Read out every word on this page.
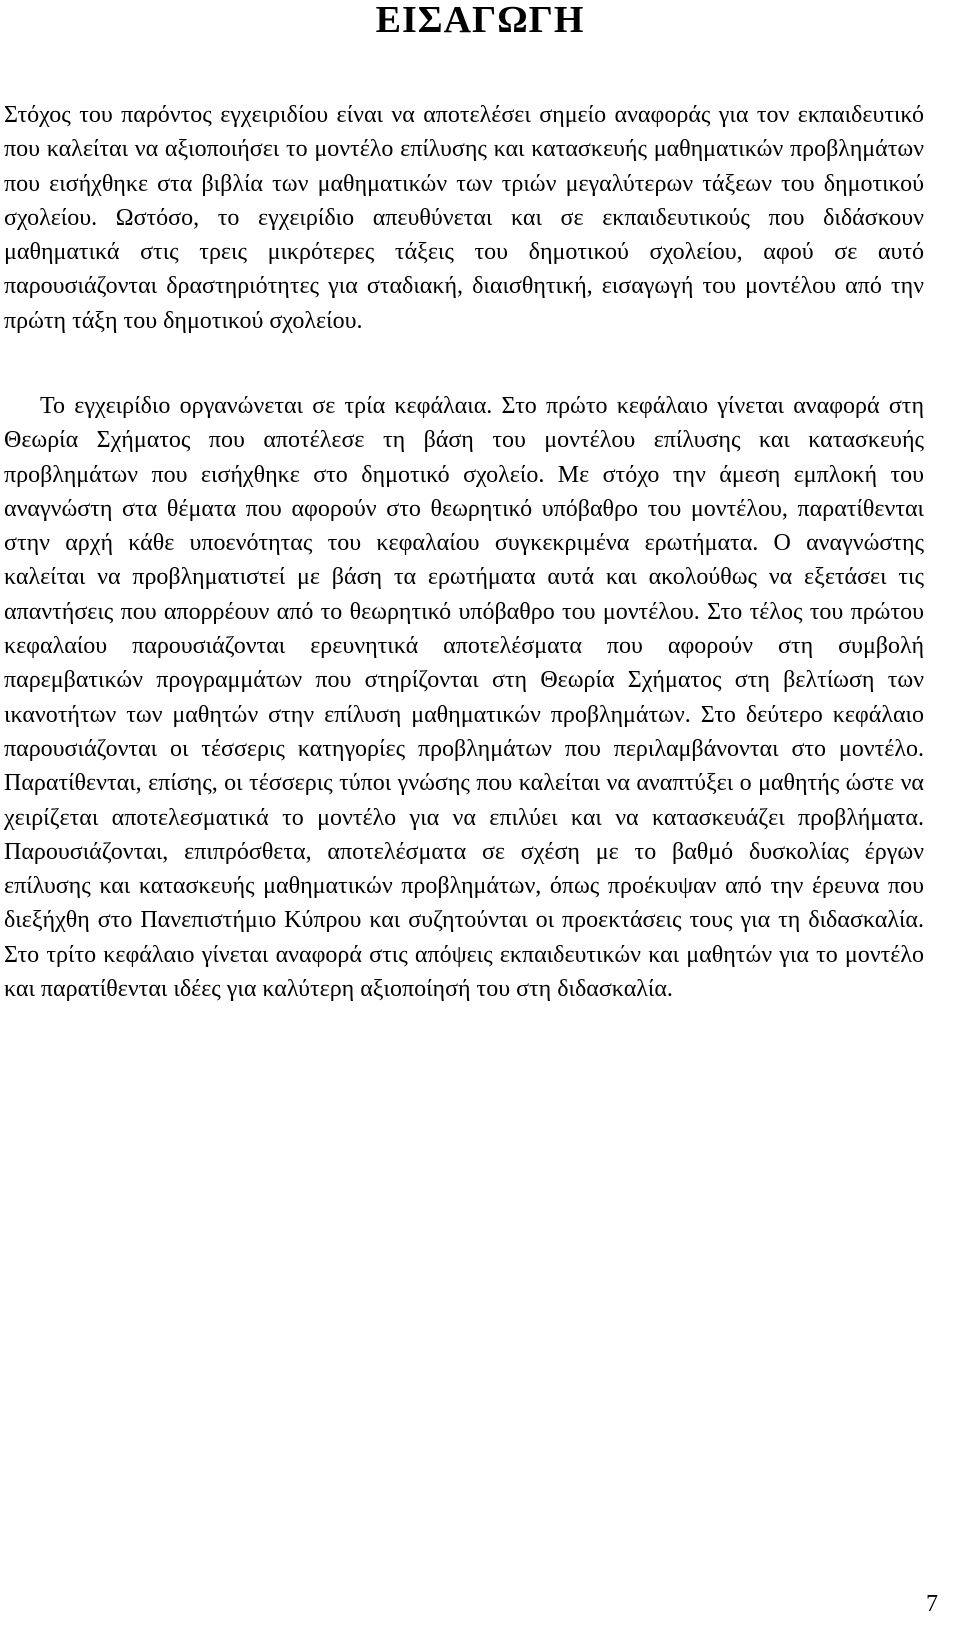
ΕΙΣΑΓΩΓΗ

Στόχος του παρόντος εγχειριδίου είναι να αποτελέσει σημείο αναφοράς για τον εκπαιδευτικό που καλείται να αξιοποιήσει το μοντέλο επίλυσης και κατασκευής μαθηματικών προβλημάτων που εισήχθηκε στα βιβλία των μαθηματικών των τριών μεγαλύτερων τάξεων του δημοτικού σχολείου. Ωστόσο, το εγχειρίδιο απευθύνεται και σε εκπαιδευτικούς που διδάσκουν μαθηματικά στις τρεις μικρότερες τάξεις του δημοτικού σχολείου, αφού σε αυτό παρουσιάζονται δραστηριότητες για σταδιακή, διαισθητική, εισαγωγή του μοντέλου από την πρώτη τάξη του δημοτικού σχολείου.

Το εγχειρίδιο οργανώνεται σε τρία κεφάλαια. Στο πρώτο κεφάλαιο γίνεται αναφορά στη Θεωρία Σχήματος που αποτέλεσε τη βάση του μοντέλου επίλυσης και κατασκευής προβλημάτων που εισήχθηκε στο δημοτικό σχολείο. Με στόχο την άμεση εμπλοκή του αναγνώστη στα θέματα που αφορούν στο θεωρητικό υπόβαθρο του μοντέλου, παρατίθενται στην αρχή κάθε υποενότητας του κεφαλαίου συγκεκριμένα ερωτήματα. Ο αναγνώστης καλείται να προβληματιστεί με βάση τα ερωτήματα αυτά και ακολούθως να εξετάσει τις απαντήσεις που απορρέουν από το θεωρητικό υπόβαθρο του μοντέλου. Στο τέλος του πρώτου κεφαλαίου παρουσιάζονται ερευνητικά αποτελέσματα που αφορούν στη συμβολή παρεμβατικών προγραμμάτων που στηρίζονται στη Θεωρία Σχήματος στη βελτίωση των ικανοτήτων των μαθητών στην επίλυση μαθηματικών προβλημάτων. Στο δεύτερο κεφάλαιο παρουσιάζονται οι τέσσερις κατηγορίες προβλημάτων που περιλαμβάνονται στο μοντέλο. Παρατίθενται, επίσης, οι τέσσερις τύποι γνώσης που καλείται να αναπτύξει ο μαθητής ώστε να χειρίζεται αποτελεσματικά το μοντέλο για να επιλύει και να κατασκευάζει προβλήματα. Παρουσιάζονται, επιπρόσθετα, αποτελέσματα σε σχέση με το βαθμό δυσκολίας έργων επίλυσης και κατασκευής μαθηματικών προβλημάτων, όπως προέκυψαν από την έρευνα που διεξήχθη στο Πανεπιστήμιο Κύπρου και συζητούνται οι προεκτάσεις τους για τη διδασκαλία. Στο τρίτο κεφάλαιο γίνεται αναφορά στις απόψεις εκπαιδευτικών και μαθητών για το μοντέλο και παρατίθενται ιδέες για καλύτερη αξιοποίησή του στη διδασκαλία.

7
